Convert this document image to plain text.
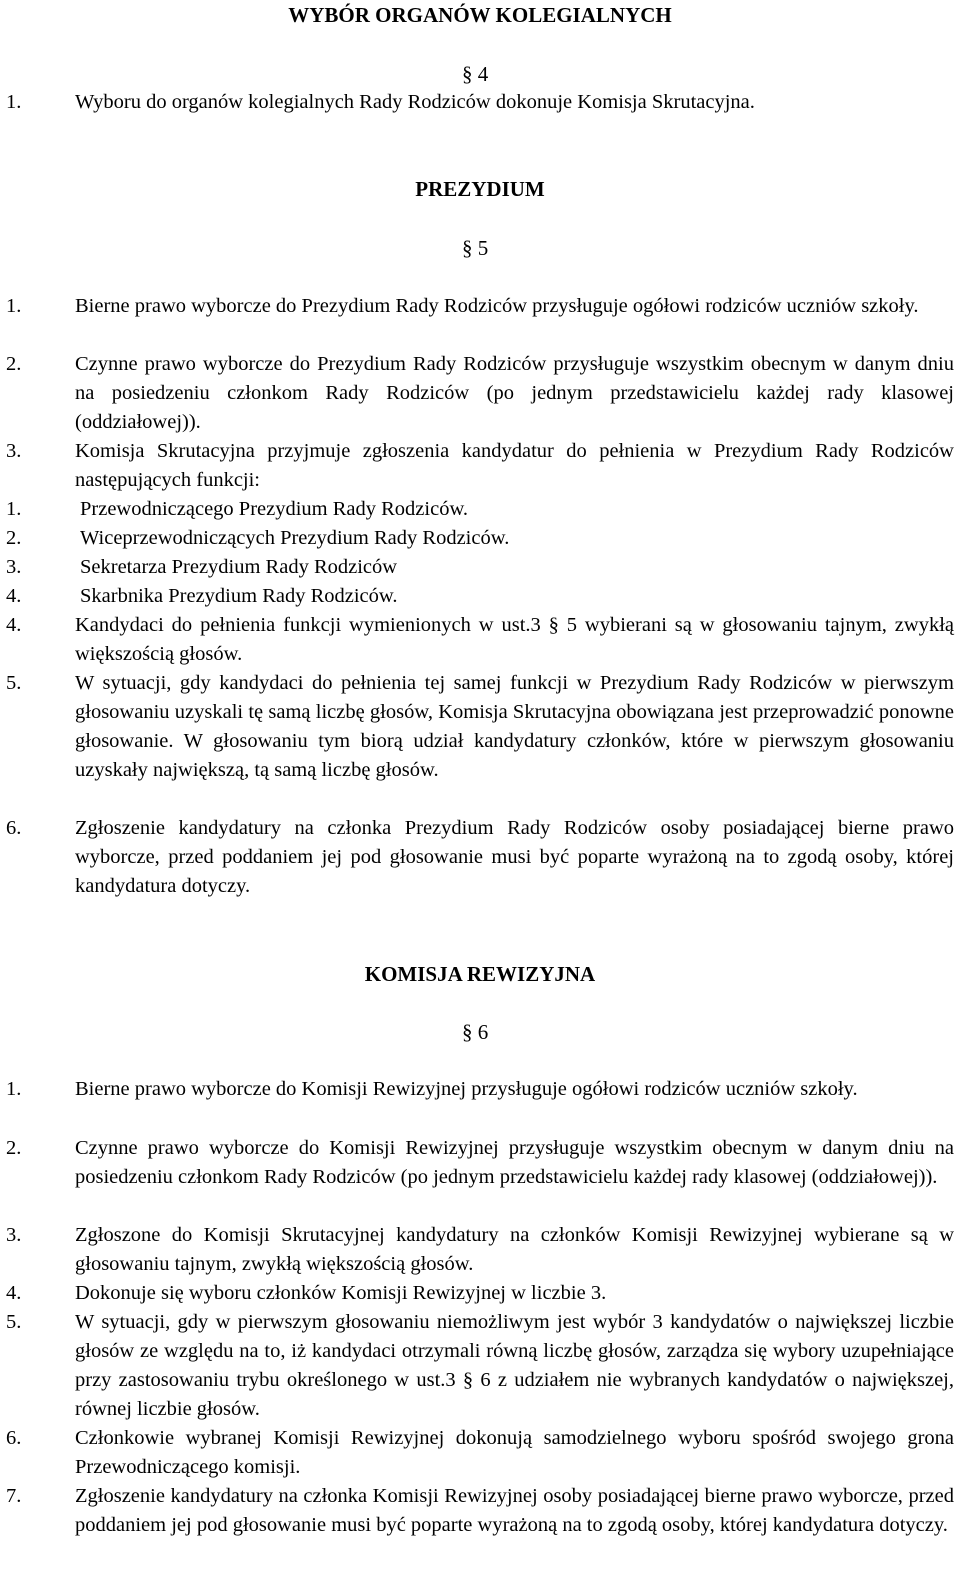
WYBÓR ORGANÓW KOLEGIALNYCH
§ 4
1.	Wyboru do organów kolegialnych Rady Rodziców dokonuje Komisja Skrutacyjna.
PREZYDIUM
§ 5
1.	Bierne prawo wyborcze do Prezydium Rady Rodziców przysługuje ogółowi rodziców uczniów szkoły.
2.	Czynne prawo wyborcze do Prezydium Rady Rodziców przysługuje wszystkim obecnym w danym dniu na posiedzeniu członkom Rady Rodziców (po jednym przedstawicielu każdej rady klasowej (oddziałowej)).
3.	Komisja Skrutacyjna przyjmuje zgłoszenia kandydatur do pełnienia w Prezydium Rady Rodziców następujących funkcji:
1.	Przewodniczącego Prezydium Rady Rodziców.
2.	Wiceprzewodniczących Prezydium Rady Rodziców.
3.	Sekretarza Prezydium Rady Rodziców
4.	Skarbnika Prezydium Rady Rodziców.
4.	Kandydaci do pełnienia funkcji wymienionych w ust.3 § 5 wybierani są w głosowaniu tajnym, zwykłą większością głosów.
5.	W sytuacji, gdy kandydaci do pełnienia tej samej funkcji w Prezydium Rady Rodziców w pierwszym głosowaniu uzyskali tę samą liczbę głosów, Komisja Skrutacyjna obowiązana jest przeprowadzić ponowne głosowanie. W głosowaniu tym biorą udział kandydatury członków, które w pierwszym głosowaniu uzyskały największą, tą samą liczbę głosów.
6.	Zgłoszenie kandydatury na członka Prezydium Rady Rodziców osoby posiadającej bierne prawo wyborcze, przed poddaniem jej pod głosowanie musi być poparte wyrażoną na to zgodą osoby, której kandydatura dotyczy.
KOMISJA REWIZYJNA
§ 6
1.	Bierne prawo wyborcze do Komisji Rewizyjnej przysługuje ogółowi rodziców uczniów szkoły.
2.	Czynne prawo wyborcze do Komisji Rewizyjnej przysługuje wszystkim obecnym w danym dniu na posiedzeniu członkom Rady Rodziców (po jednym przedstawicielu każdej rady klasowej (oddziałowej)).
3.	Zgłoszone do Komisji Skrutacyjnej kandydatury na członków Komisji Rewizyjnej wybierane są w głosowaniu tajnym, zwykłą większością głosów.
4.	Dokonuje się wyboru członków Komisji Rewizyjnej w liczbie 3.
5.	W sytuacji, gdy w pierwszym głosowaniu niemożliwym jest wybór 3 kandydatów o największej liczbie głosów ze względu na to, iż kandydaci otrzymali równą liczbę głosów, zarządza się wybory uzupełniające przy zastosowaniu trybu określonego w ust.3 § 6 z udziałem nie wybranych kandydatów o największej, równej liczbie głosów.
6.	Członkowie wybranej Komisji Rewizyjnej dokonują samodzielnego wyboru spośród swojego grona Przewodniczącego komisji.
7.	Zgłoszenie kandydatury na członka Komisji Rewizyjnej osoby posiadającej bierne prawo wyborcze, przed poddaniem jej pod głosowanie musi być poparte wyrażoną na to zgodą osoby, której kandydatura dotyczy.
